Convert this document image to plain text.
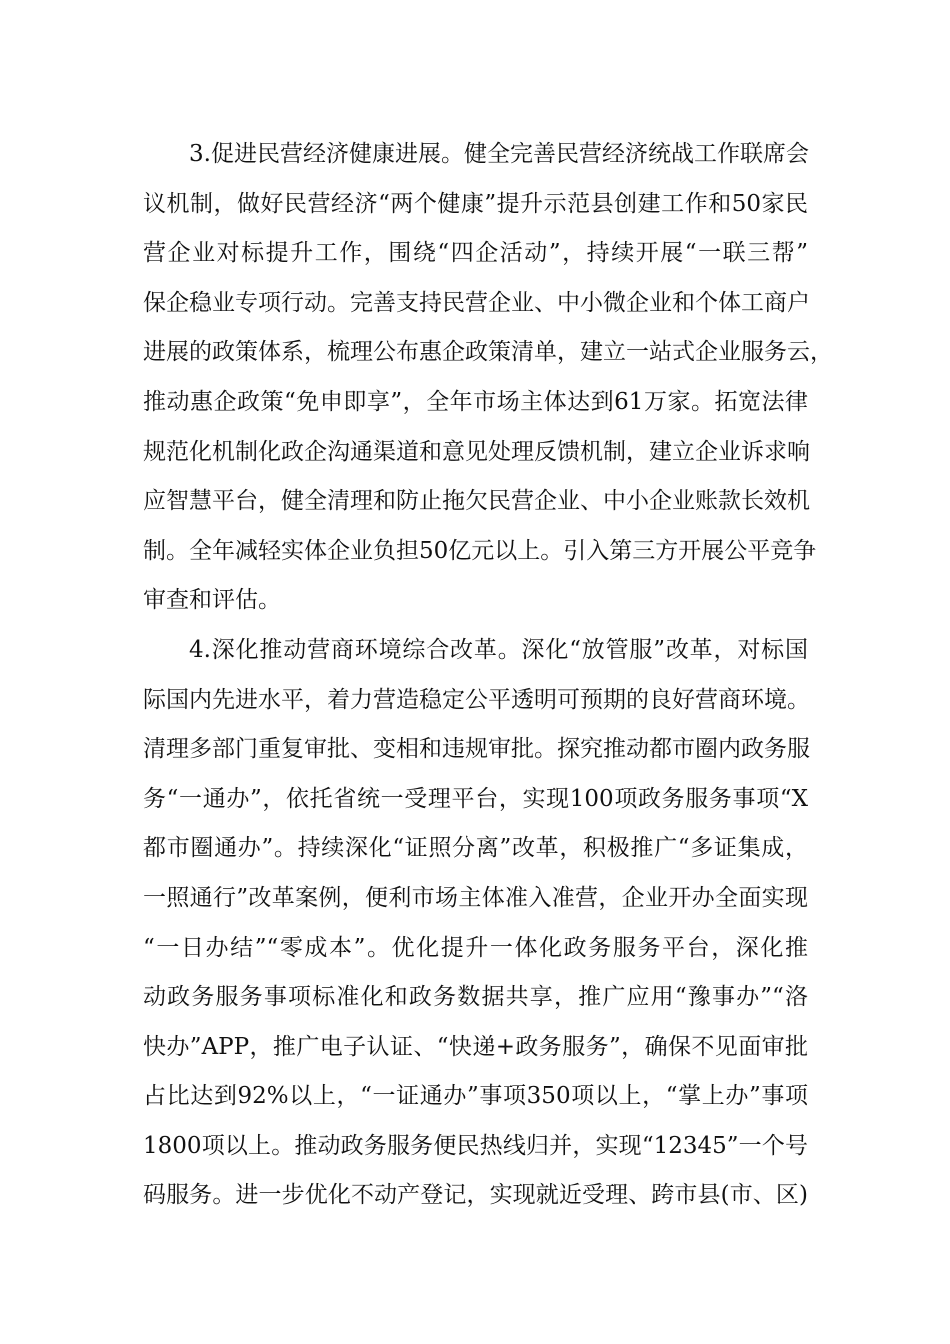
3.促进民营经济健康进展。健全完善民营经济统战工作联席会
议机制，做好民营经济“两个健康”提升示范县创建工作和50家民
营企业对标提升工作，围绕“四企活动”，持续开展“一联三帮”
保企稳业专项行动。完善支持民营企业、中小微企业和个体工商户
进展的政策体系，梳理公布惠企政策清单，建立一站式企业服务云，
推动惠企政策“免申即享”，全年市场主体达到61万家。拓宽法律
规范化机制化政企沟通渠道和意见处理反馈机制，建立企业诉求响
应智慧平台，健全清理和防止拖欠民营企业、中小企业账款长效机
制。全年减轻实体企业负担50亿元以上。引入第三方开展公平竞争
审查和评估。
4.深化推动营商环境综合改革。深化“放管服”改革，对标国
际国内先进水平，着力营造稳定公平透明可预期的良好营商环境。
清理多部门重复审批、变相和违规审批。探究推动都市圈内政务服
务“一通办”，依托省统一受理平台，实现100项政务服务事项“X
都市圈通办”。持续深化“证照分离”改革，积极推广“多证集成，
一照通行”改革案例，便利市场主体准入准营，企业开办全面实现
“一日办结”“零成本”。优化提升一体化政务服务平台，深化推
动政务服务事项标准化和政务数据共享，推广应用“豫事办”“洛
快办”APP，推广电子认证、“快递+政务服务”，确保不见面审批
占比达到92%以上，“一证通办”事项350项以上，“掌上办”事项
1800项以上。推动政务服务便民热线归并，实现“12345”一个号
码服务。进一步优化不动产登记，实现就近受理、跨市县(市、区)
